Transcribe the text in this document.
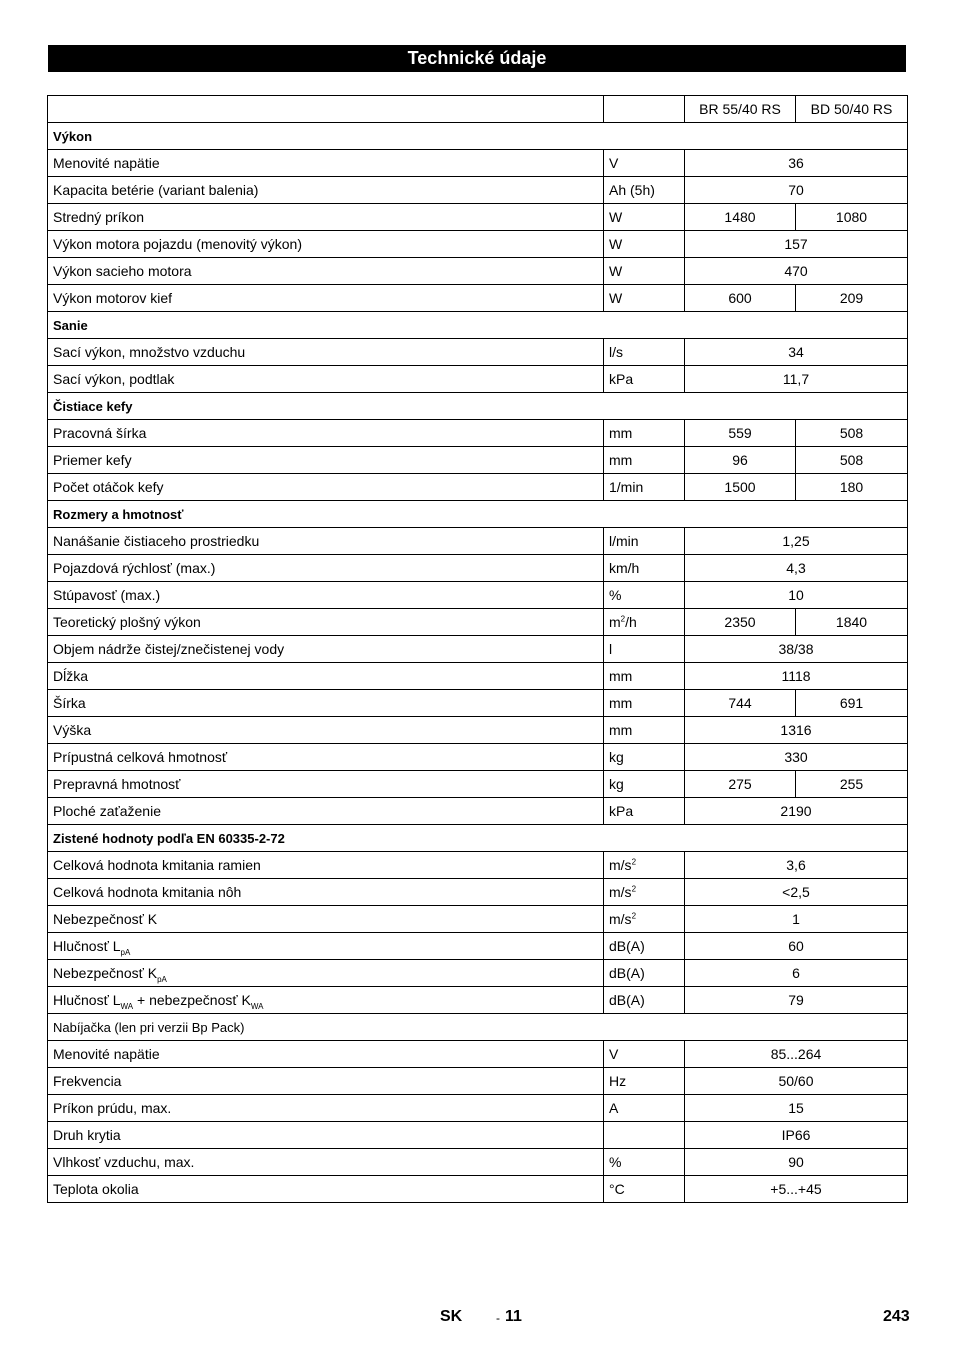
Technické údaje
		BR 55/40 RS	BD 50/40 RS
Výkon			
Menovité napätie	V	36	
Kapacita betérie (variant balenia)	Ah (5h)	70	
Stredný príkon	W	1480	1080
Výkon motora pojazdu (menovitý výkon)	W	157	
Výkon sacieho motora	W	470	
Výkon motorov kief	W	600	209
Sanie			
Sací výkon, množstvo vzduchu	l/s	34	
Sací výkon, podtlak	kPa	11,7	
Čistiace kefy			
Pracovná šírka	mm	559	508
Priemer kefy	mm	96	508
Počet otáčok kefy	1/min	1500	180
Rozmery a hmotnosť			
Nanášanie čistiaceho prostriedku	l/min	1,25	
Pojazdová rýchlosť (max.)	km/h	4,3	
Stúpavosť (max.)	%	10	
Teoretický plošný výkon	$m^2/h$	2350	1840
Objem nádrže čistej/znečistenej vody	l	38/38	
Dĺžka	mm	1118	
Šírka	mm	744	691
Výška	mm	1316	
Prípustná celková hmotnosť	kg	330	
Prepravná hmotnosť	kg	275	255
Ploché zaťaženie	kPa	2190	
Zistené hodnoty podľa EN 60335-2-72			
Celková hodnota kmitania ramien	$m/s^2$	3,6	
Celková hodnota kmitania nôh	$m/s^2$	<2,5	
Nebezpečnosť K	$m/s^2$	1	
Hlučnosť $L_{pA}$	dB(A)	60	
Nebezpečnosť $K_{pA}$	dB(A)	6	
Hlučnosť $L_{WA}$ + nebezpečnosť $K_{WA}$	dB(A)	79	
Nabíjačka (len pri verzii Bp Pack)			
Menovité napätie	V	85...264	
Frekvencia	Hz	50/60	
Príkon prúdu, max.	A	15	
Druh krytia		IP66	
Vlhkosť vzduchu, max.	%	90	
Teplota okolia	°C	+5...+45	
SK	- 11	243
